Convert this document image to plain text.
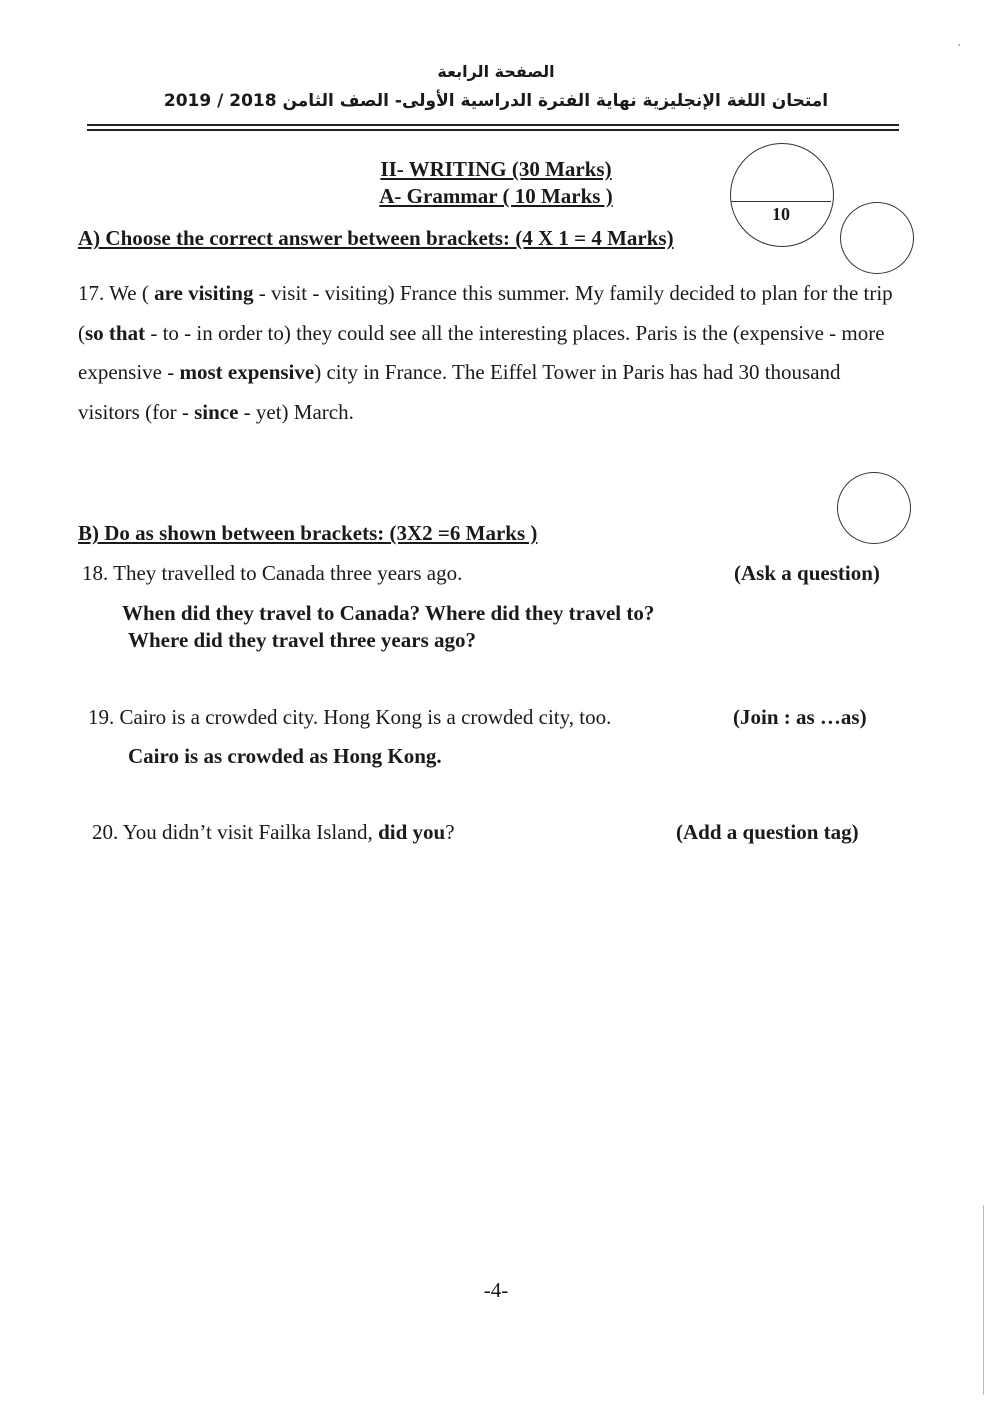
الصفحة الرابعة
امتحان اللغة الإنجليزية نهاية الفترة الدراسية الأولى- الصف الثامن 2018 / 2019
II- WRITING (30 Marks)
A- Grammar ( 10 Marks )
10
A) Choose the correct answer between brackets: (4 X 1 = 4 Marks)

17. We ( are visiting - visit - visiting) France this summer. My family decided to plan for the trip (so that - to - in order to) they could see all the interesting places. Paris is the (expensive - more expensive - most expensive) city in France. The Eiffel Tower in Paris has had 30 thousand visitors (for - since - yet) March.

B) Do as shown between brackets: (3X2 =6 Marks )
18. They travelled to Canada three years ago.	(Ask a question)
When did they travel to Canada? Where did they travel to?
Where did they travel three years ago?
19. Cairo is a crowded city. Hong Kong is a crowded city, too.	(Join : as …as)
Cairo is as crowded as Hong Kong.
20. You didn’t visit Failka Island, did you?	(Add a question tag)
-4-
